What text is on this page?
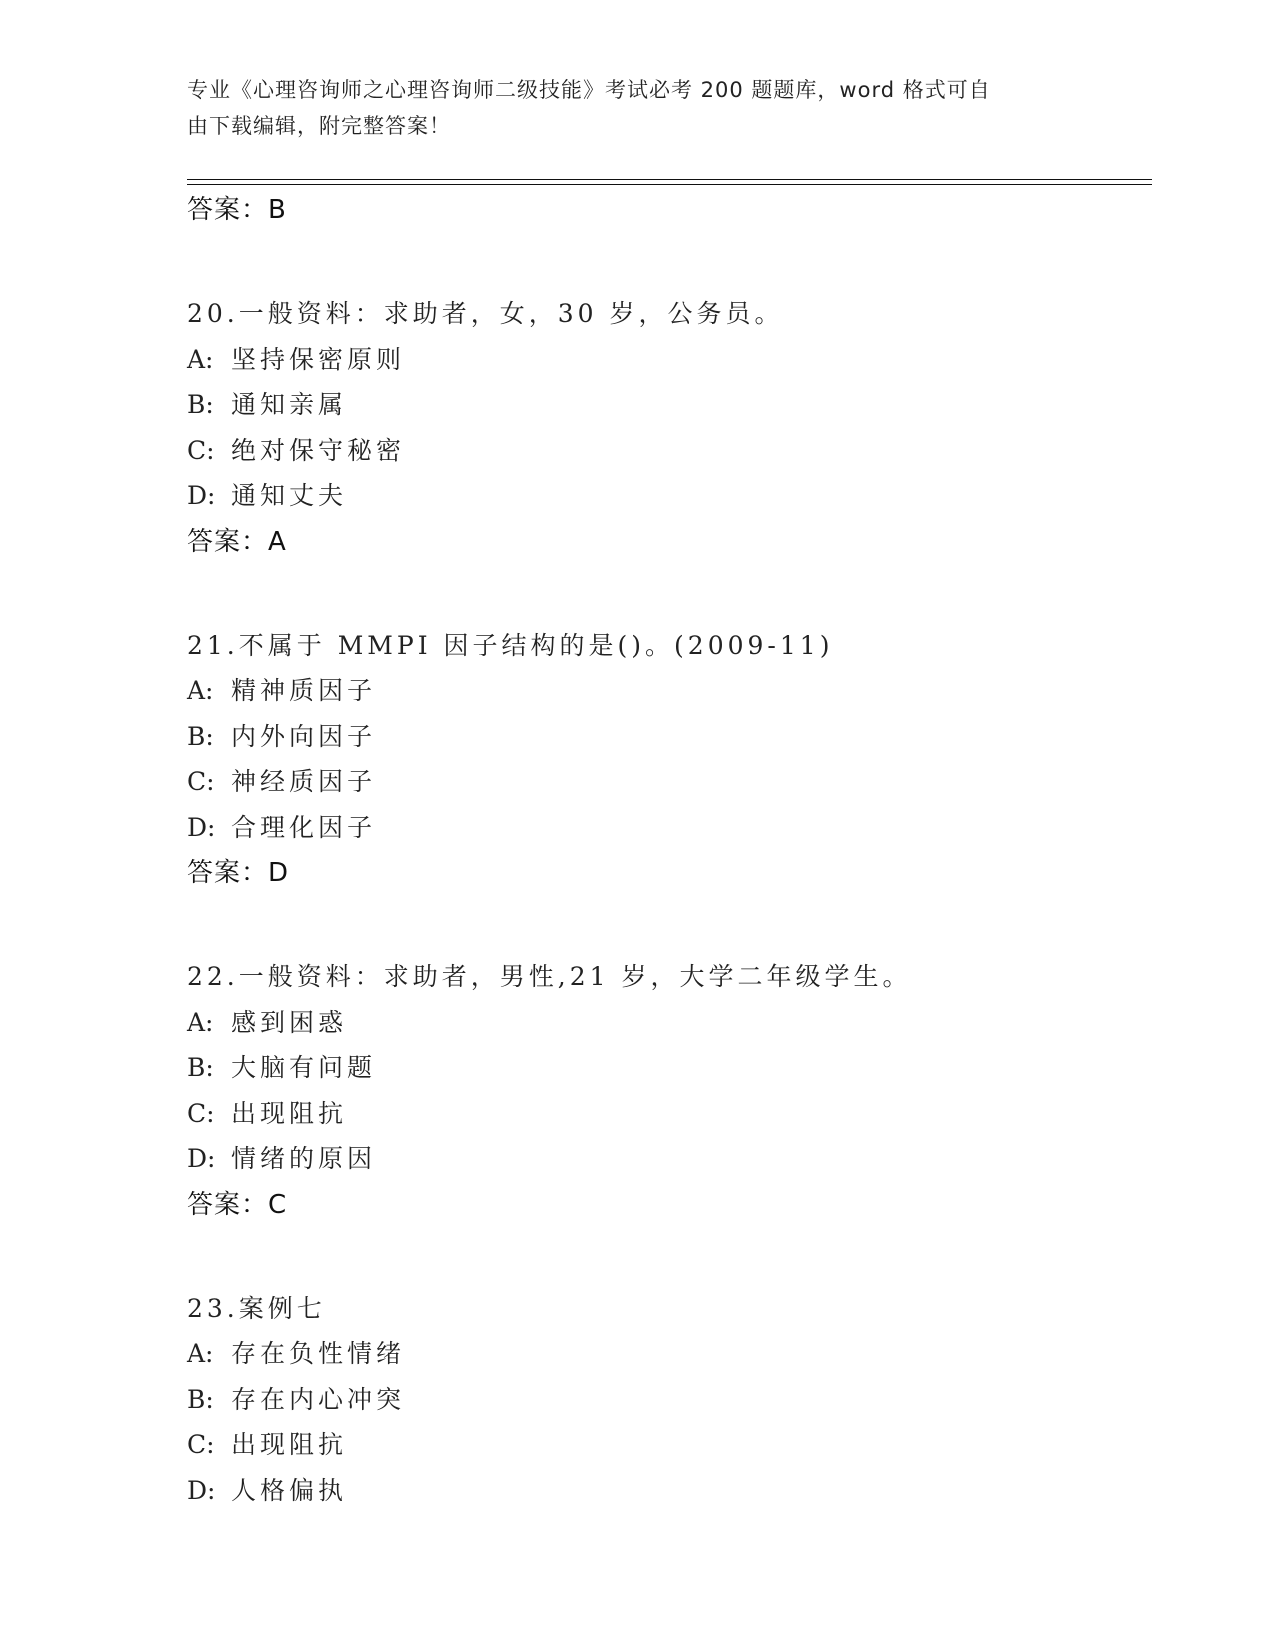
专业《心理咨询师之心理咨询师二级技能》考试必考 200 题题库，word 格式可自
由下载编辑，附完整答案！
答案：B
20.一般资料：求助者，女，30 岁，公务员。
A: 坚持保密原则
B: 通知亲属
C: 绝对保守秘密
D: 通知丈夫
答案：A
21.不属于 MMPI 因子结构的是()。(2009-11)
A: 精神质因子
B: 内外向因子
C: 神经质因子
D: 合理化因子
答案：D
22.一般资料：求助者，男性,21 岁，大学二年级学生。
A: 感到困惑
B: 大脑有问题
C: 出现阻抗
D: 情绪的原因
答案：C
23.案例七
A: 存在负性情绪
B: 存在内心冲突
C: 出现阻抗
D: 人格偏执
